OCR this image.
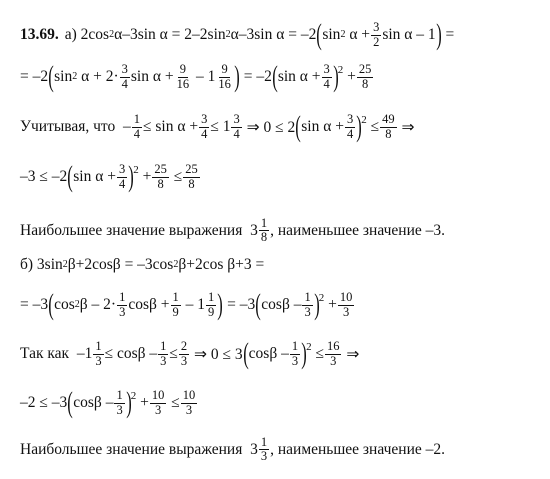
13.69. а)
2cos 2 α–3sin α = 2–2sin 2 α–3sin α = –2 ( sin 2 $\alpha + \frac{3}{2}$ sin α – 1 ) =
= –2 ( sin 2 $\alpha + 2\cdot \frac{3}{4}$ $\sin \alpha + \frac{9}{16} - 1 \frac{9}{16}$ ) = –2 ( $\sin \alpha + \frac{3}{4}$ ) $2 + \frac{25}{8}$
Учитывая, что  – $\frac{1}{4} \le \sin \alpha + \frac{3}{4} \le 1 \frac{3}{4}$ ⇒ 0 ≤ 2 ( $\sin \alpha + \frac{3}{4}$ ) $2 \le \frac{49}{8}$ ⇒
–3 ≤ –2 ( $\sin \alpha + \frac{3}{4}$ ) $2 + \frac{25}{8} \le \frac{25}{8}$
Наибольшее значение выражения  $3 \frac{1}{8}$ , наименьшее значение –3.
б) 3sin 2 β+2cosβ = –3cos 2 β+2cos β+3 =
= –3 ( cos 2 $\beta - 2\cdot \frac{1}{3}$ $\cos\beta + \frac{1}{9} - 1 \frac{1}{9}$ ) = –3 ( cosβ – $\frac{1}{3}$ ) $2 + \frac{10}{3}$
Так как  $-1 \frac{1}{3} \le \cos\beta - \frac{1}{3} \le \frac{2}{3}$ ⇒ 0 ≤ 3 ( cosβ – $\frac{1}{3}$ ) $2 \le \frac{16}{3}$ ⇒
–2 ≤ –3 ( cosβ – $\frac{1}{3}$ ) $2 + \frac{10}{3} \le \frac{10}{3}$
Наибольшее значение выражения  $3 \frac{1}{3}$ , наименьшее значение –2.
